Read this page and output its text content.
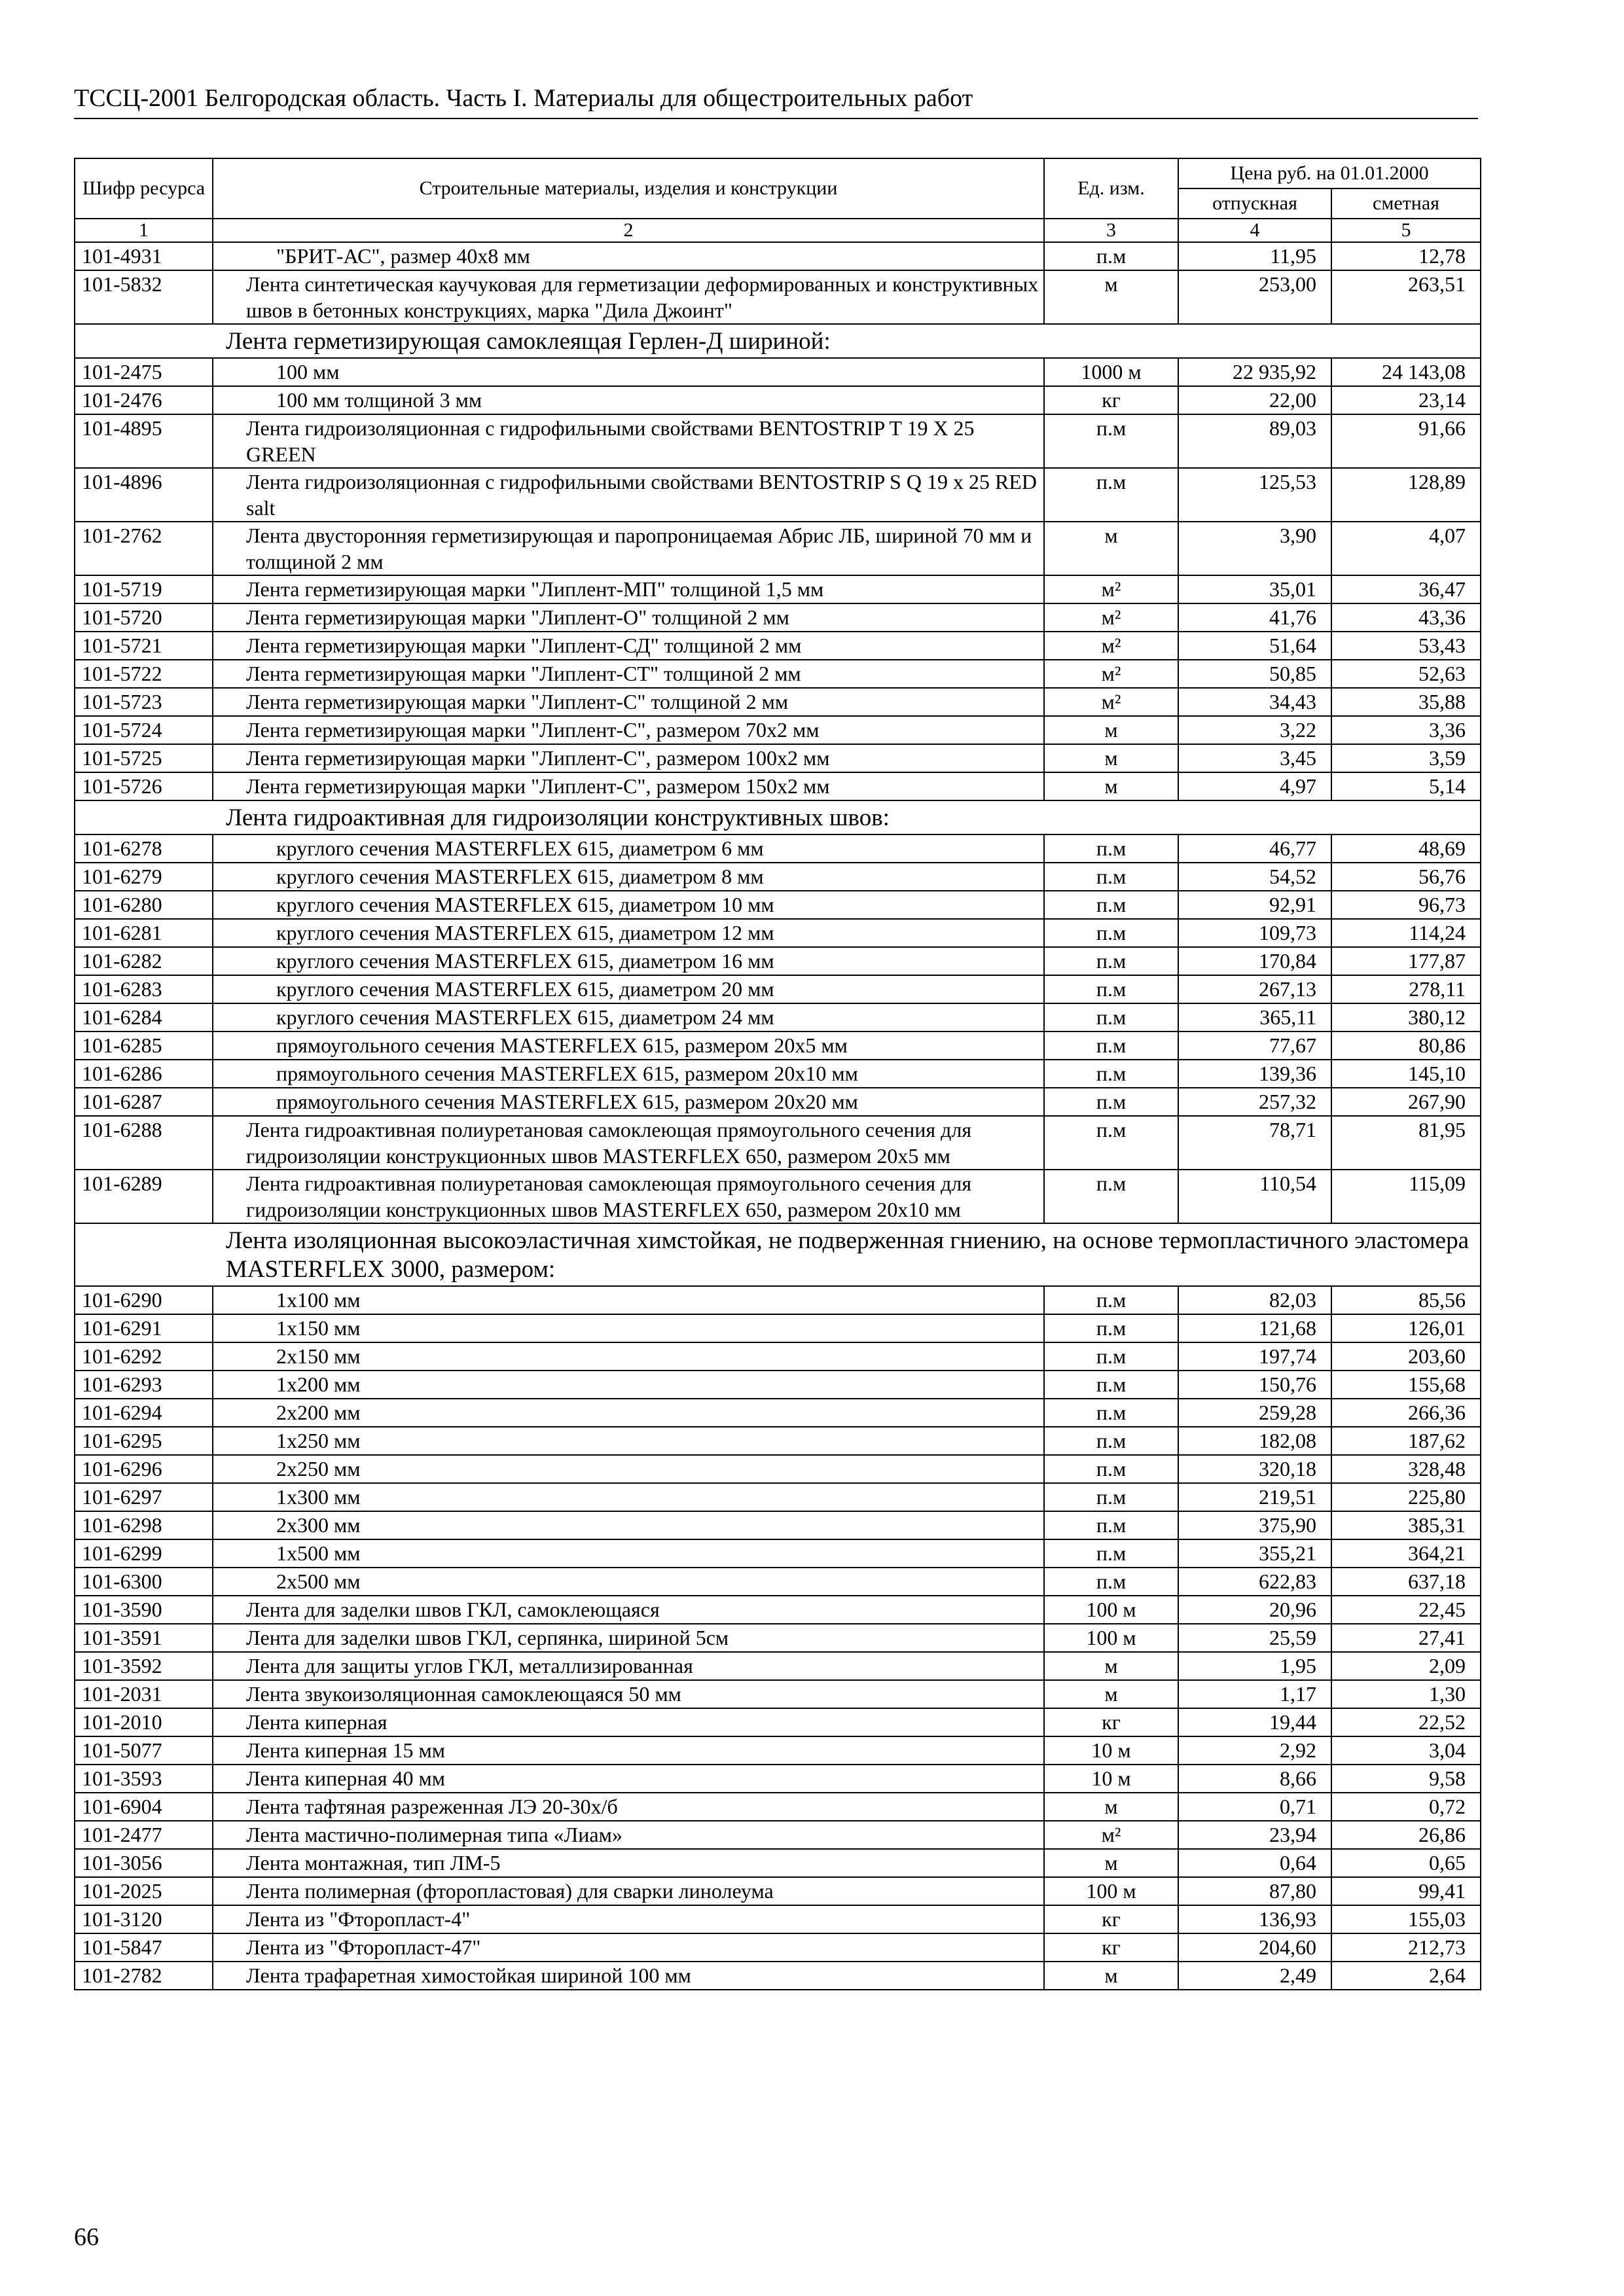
ТССЦ-2001 Белгородская область. Часть I. Материалы для общестроительных работ
Шифр ресурса	Строительные материалы, изделия и конструкции	Ед. изм.	Цена руб. на 01.01.2000	
			отпускная	сметная
1	2	3	4	5
101-4931	"БРИТ-АС", размер 40х8 мм	п.м	11,95	12,78
101-5832	Лента синтетическая каучуковая для герметизации деформированных и конструктивных швов в бетонных конструкциях, марка "Дила Джоинт"	м	253,00	263,51
Лента герметизирующая самоклеящая Герлен-Д шириной:				
101-2475	100 мм	1000 м	22 935,92	24 143,08
101-2476	100 мм толщиной 3 мм	кг	22,00	23,14
101-4895	Лента гидроизоляционная с гидрофильными свойствами BENTOSTRIP T 19 X 25 GREEN	п.м	89,03	91,66
101-4896	Лента гидроизоляционная с гидрофильными свойствами BENTOSTRIP S Q 19 x 25 RED salt	п.м	125,53	128,89
101-2762	Лента двусторонняя герметизирующая и паропроницаемая Абрис ЛБ, шириной 70 мм и толщиной 2 мм	м	3,90	4,07
101-5719	Лента герметизирующая марки "Липлент-МП" толщиной 1,5 мм	м²	35,01	36,47
101-5720	Лента герметизирующая марки "Липлент-О" толщиной 2 мм	м²	41,76	43,36
101-5721	Лента герметизирующая марки "Липлент-СД" толщиной 2 мм	м²	51,64	53,43
101-5722	Лента герметизирующая марки "Липлент-СТ" толщиной 2 мм	м²	50,85	52,63
101-5723	Лента герметизирующая марки "Липлент-С" толщиной 2 мм	м²	34,43	35,88
101-5724	Лента герметизирующая марки "Липлент-С", размером 70х2 мм	м	3,22	3,36
101-5725	Лента герметизирующая марки "Липлент-С", размером 100х2 мм	м	3,45	3,59
101-5726	Лента герметизирующая марки "Липлент-С", размером 150х2 мм	м	4,97	5,14
Лента гидроактивная для гидроизоляции конструктивных швов:				
101-6278	круглого сечения MASTERFLEX 615, диаметром 6 мм	п.м	46,77	48,69
101-6279	круглого сечения MASTERFLEX 615, диаметром 8 мм	п.м	54,52	56,76
101-6280	круглого сечения MASTERFLEX 615, диаметром 10 мм	п.м	92,91	96,73
101-6281	круглого сечения MASTERFLEX 615, диаметром 12 мм	п.м	109,73	114,24
101-6282	круглого сечения MASTERFLEX 615, диаметром 16 мм	п.м	170,84	177,87
101-6283	круглого сечения MASTERFLEX 615, диаметром 20 мм	п.м	267,13	278,11
101-6284	круглого сечения MASTERFLEX 615, диаметром 24 мм	п.м	365,11	380,12
101-6285	прямоугольного сечения MASTERFLEX 615, размером 20х5 мм	п.м	77,67	80,86
101-6286	прямоугольного сечения MASTERFLEX 615, размером 20х10 мм	п.м	139,36	145,10
101-6287	прямоугольного сечения MASTERFLEX 615, размером 20х20 мм	п.м	257,32	267,90
101-6288	Лента гидроактивная полиуретановая самоклеющая прямоугольного сечения для гидроизоляции конструкционных швов MASTERFLEX 650, размером 20х5 мм	п.м	78,71	81,95
101-6289	Лента гидроактивная полиуретановая самоклеющая прямоугольного сечения для гидроизоляции конструкционных швов MASTERFLEX 650, размером 20х10 мм	п.м	110,54	115,09
Лента изоляционная высокоэластичная химстойкая, не подверженная гниению, на основе термопластичного эластомера MASTERFLEX 3000, размером:				
101-6290	1х100 мм	п.м	82,03	85,56
101-6291	1х150 мм	п.м	121,68	126,01
101-6292	2х150 мм	п.м	197,74	203,60
101-6293	1х200 мм	п.м	150,76	155,68
101-6294	2х200 мм	п.м	259,28	266,36
101-6295	1х250 мм	п.м	182,08	187,62
101-6296	2х250 мм	п.м	320,18	328,48
101-6297	1х300 мм	п.м	219,51	225,80
101-6298	2х300 мм	п.м	375,90	385,31
101-6299	1х500 мм	п.м	355,21	364,21
101-6300	2х500 мм	п.м	622,83	637,18
101-3590	Лента для заделки швов ГКЛ, самоклеющаяся	100 м	20,96	22,45
101-3591	Лента для заделки швов ГКЛ, серпянка, шириной 5см	100 м	25,59	27,41
101-3592	Лента для защиты углов ГКЛ, металлизированная	м	1,95	2,09
101-2031	Лента звукоизоляционная самоклеющаяся 50 мм	м	1,17	1,30
101-2010	Лента киперная	кг	19,44	22,52
101-5077	Лента киперная 15 мм	10 м	2,92	3,04
101-3593	Лента киперная 40 мм	10 м	8,66	9,58
101-6904	Лента тафтяная разреженная ЛЭ 20-30х/б	м	0,71	0,72
101-2477	Лента мастично-полимерная типа «Лиам»	м²	23,94	26,86
101-3056	Лента монтажная, тип ЛМ-5	м	0,64	0,65
101-2025	Лента полимерная (фторопластовая) для сварки линолеума	100 м	87,80	99,41
101-3120	Лента из "Фторопласт-4"	кг	136,93	155,03
101-5847	Лента из "Фторопласт-47"	кг	204,60	212,73
101-2782	Лента трафаретная химостойкая шириной 100 мм	м	2,49	2,64
66
